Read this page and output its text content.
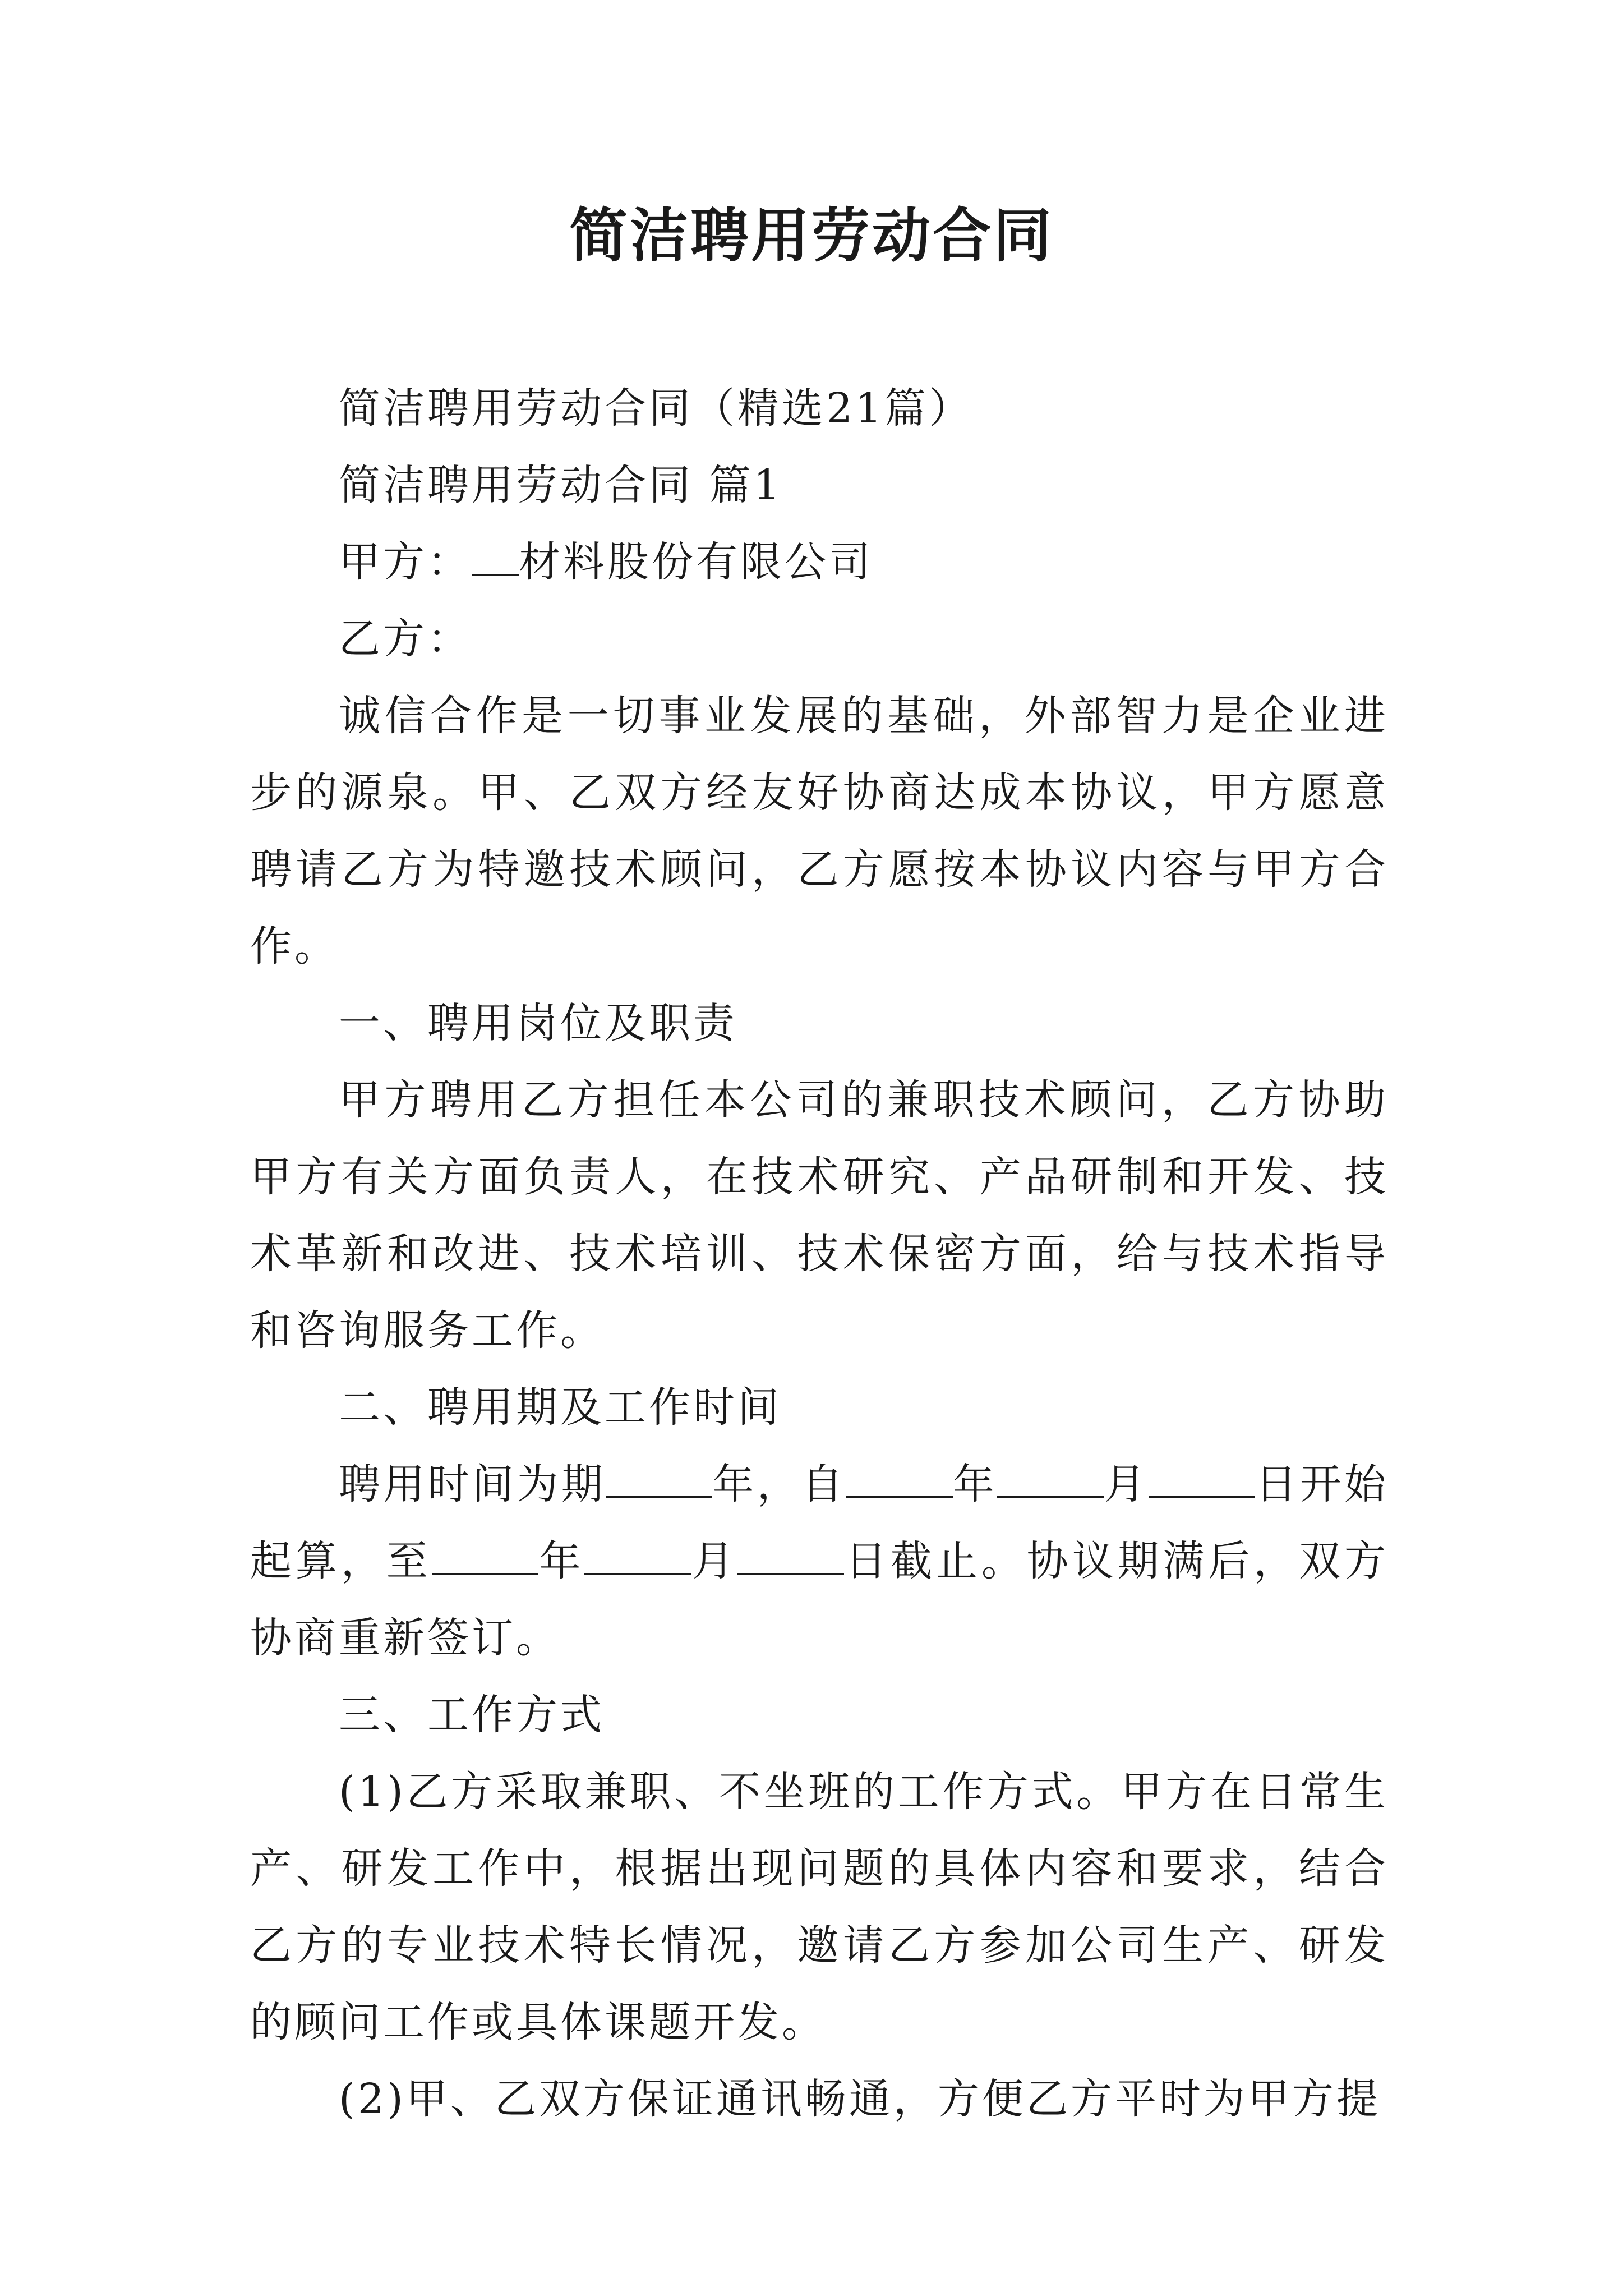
简洁聘用劳动合同

简洁聘用劳动合同（精选21篇）

简洁聘用劳动合同 篇1

甲方： 材料股份有限公司

乙方：

诚信合作是一切事业发展的基础，外部智力是企业进步的源泉。甲、乙双方经友好协商达成本协议，甲方愿意聘请乙方为特邀技术顾问，乙方愿按本协议内容与甲方合作。

一、聘用岗位及职责

甲方聘用乙方担任本公司的兼职技术顾问，乙方协助甲方有关方面负责人，在技术研究、产品研制和开发、技术革新和改进、技术培训、技术保密方面，给与技术指导和咨询服务工作。

二、聘用期及工作时间

聘用时间为期	年，自	年	月	日开始起算，至	年	月	日截止。协议期满后，双方协商重新签订。

三、工作方式

(1)乙方采取兼职、不坐班的工作方式。甲方在日常生产、研发工作中，根据出现问题的具体内容和要求，结合乙方的专业技术特长情况，邀请乙方参加公司生产、研发的顾问工作或具体课题开发。

(2)甲、乙双方保证通讯畅通，方便乙方平时为甲方提
